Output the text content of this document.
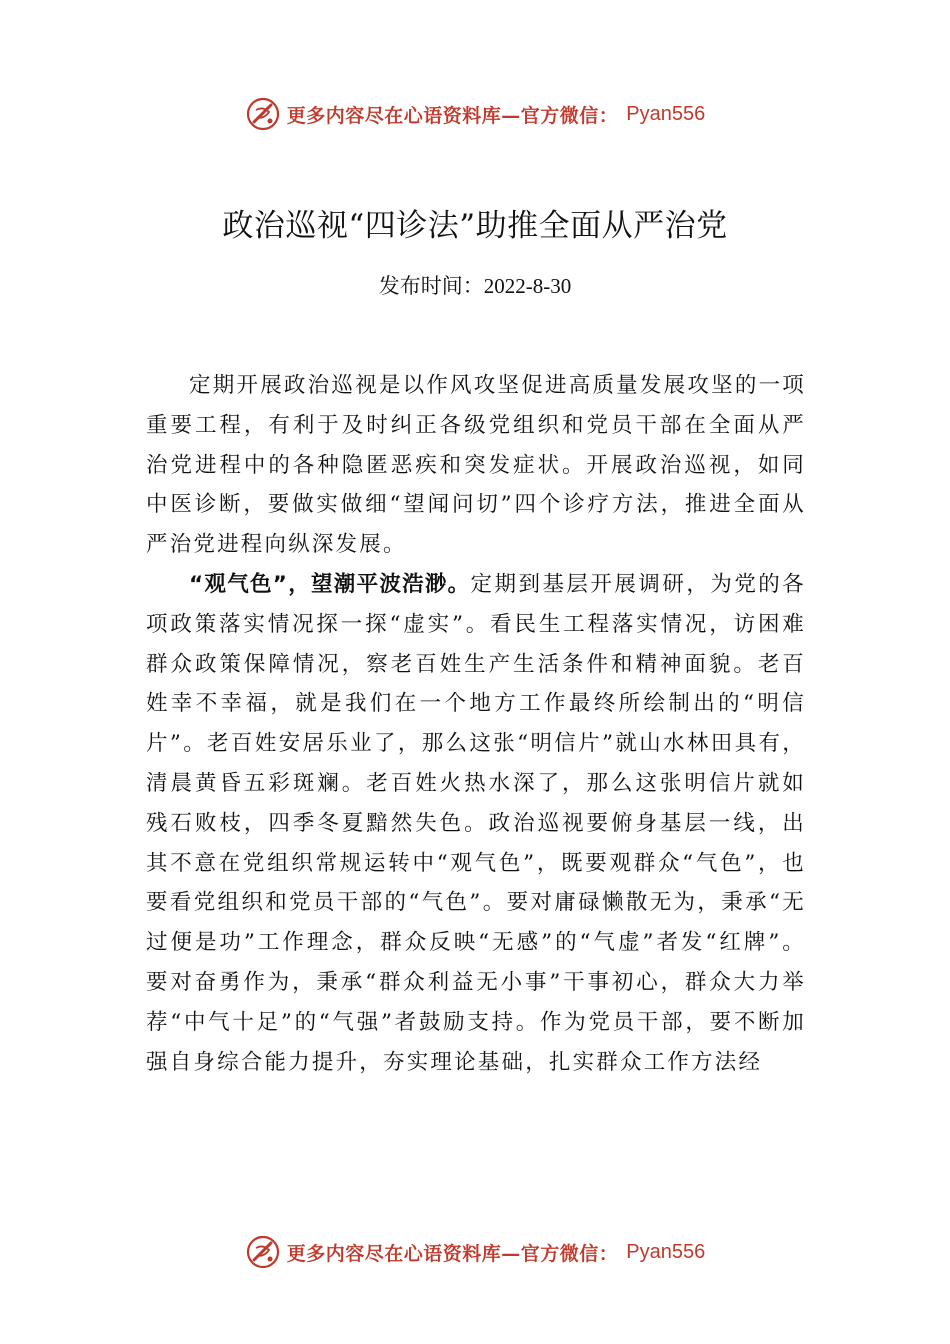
更多内容尽在心语资料库—官方微信： Pyan556
政治巡视“四诊法”助推全面从严治党
发布时间：2022-8-30

定期开展政治巡视是以作风攻坚促进高质量发展攻坚的一项重要工程，有利于及时纠正各级党组织和党员干部在全面从严治党进程中的各种隐匿恶疾和突发症状。开展政治巡视，如同中医诊断，要做实做细“望闻问切”四个诊疗方法，推进全面从严治党进程向纵深发展。

“观气色”，望潮平波浩渺。定期到基层开展调研，为党的各项政策落实情况探一探“虚实”。看民生工程落实情况，访困难群众政策保障情况，察老百姓生产生活条件和精神面貌。老百姓幸不幸福，就是我们在一个地方工作最终所绘制出的“明信片”。老百姓安居乐业了，那么这张“明信片”就山水林田具有，清晨黄昏五彩斑斓。老百姓火热水深了，那么这张明信片就如残石败枝，四季冬夏黯然失色。政治巡视要俯身基层一线，出其不意在党组织常规运转中“观气色”，既要观群众“气色”，也要看党组织和党员干部的“气色”。要对庸碌懒散无为，秉承“无过便是功”工作理念，群众反映“无感”的“气虚”者发“红牌”。要对奋勇作为，秉承“群众利益无小事”干事初心，群众大力举荐“中气十足”的“气强”者鼓励支持。作为党员干部，要不断加强自身综合能力提升，夯实理论基础，扎实群众工作方法经

更多内容尽在心语资料库—官方微信： Pyan556
